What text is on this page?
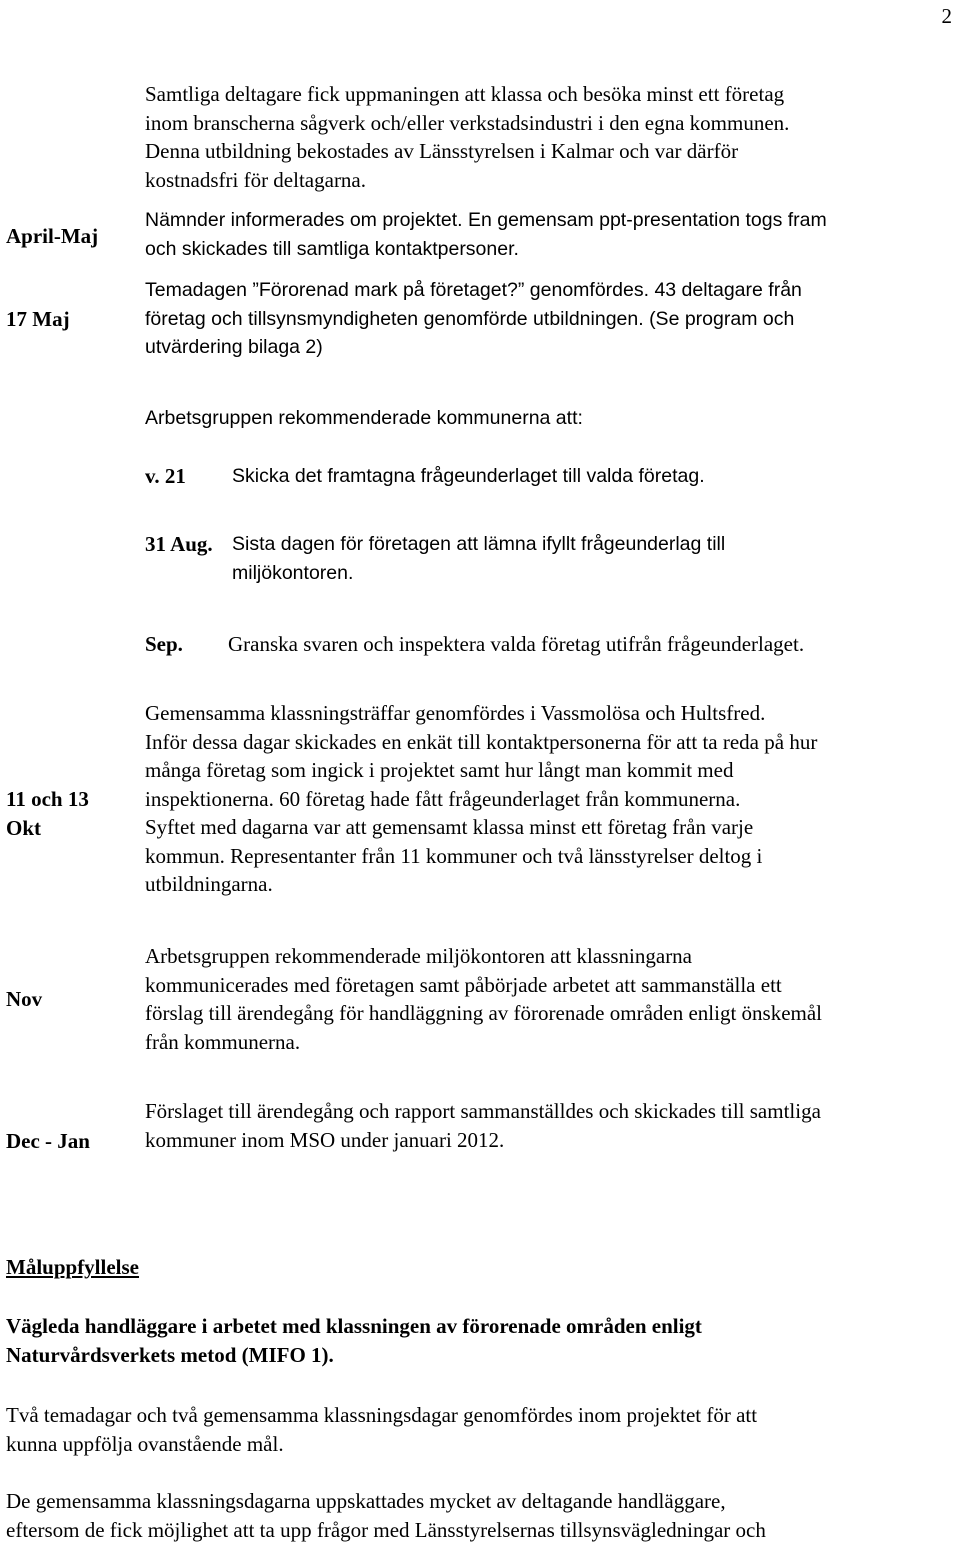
2
Samtliga deltagare fick uppmaningen att klassa och besöka minst ett företag
inom branscherna sågverk och/eller verkstadsindustri i den egna kommunen.
Denna utbildning bekostades av Länsstyrelsen i Kalmar och var därför
kostnadsfri för deltagarna.
April-Maj
Nämnder informerades om projektet. En gemensam ppt-presentation togs fram
och skickades till samtliga kontaktpersoner.
17 Maj
Temadagen ”Förorenad mark på företaget?” genomfördes. 43 deltagare från
företag och tillsynsmyndigheten genomförde utbildningen. (Se program och
utvärdering bilaga 2)
Arbetsgruppen rekommenderade kommunerna att:
v. 21 Skicka det framtagna frågeunderlaget till valda företag.
31 Aug. Sista dagen för företagen att lämna ifyllt frågeunderlag till
miljökontoren.
Sep. Granska svaren och inspektera valda företag utifrån frågeunderlaget.
11 och 13
Okt
Gemensamma klassningsträffar genomfördes i Vassmolösa och Hultsfred.
Inför dessa dagar skickades en enkät till kontaktpersonerna för att ta reda på hur
många företag som ingick i projektet samt hur långt man kommit med
inspektionerna. 60 företag hade fått frågeunderlaget från kommunerna.
Syftet med dagarna var att gemensamt klassa minst ett företag från varje
kommun. Representanter från 11 kommuner och två länsstyrelser deltog i
utbildningarna.
Nov
Arbetsgruppen rekommenderade miljökontoren att klassningarna
kommunicerades med företagen samt påbörjade arbetet att sammanställa ett
förslag till ärendegång för handläggning av förorenade områden enligt önskemål
från kommunerna.
Dec - Jan
Förslaget till ärendegång och rapport sammanställdes och skickades till samtliga
kommuner inom MSO under januari 2012.
Måluppfyllelse
Vägleda handläggare i arbetet med klassningen av förorenade områden enligt
Naturvårdsverkets metod (MIFO 1).
Två temadagar och två gemensamma klassningsdagar genomfördes inom projektet för att
kunna uppfölja ovanstående mål.
De gemensamma klassningsdagarna uppskattades mycket av deltagande handläggare,
eftersom de fick möjlighet att ta upp frågor med Länsstyrelsernas tillsynsvägledningar och
